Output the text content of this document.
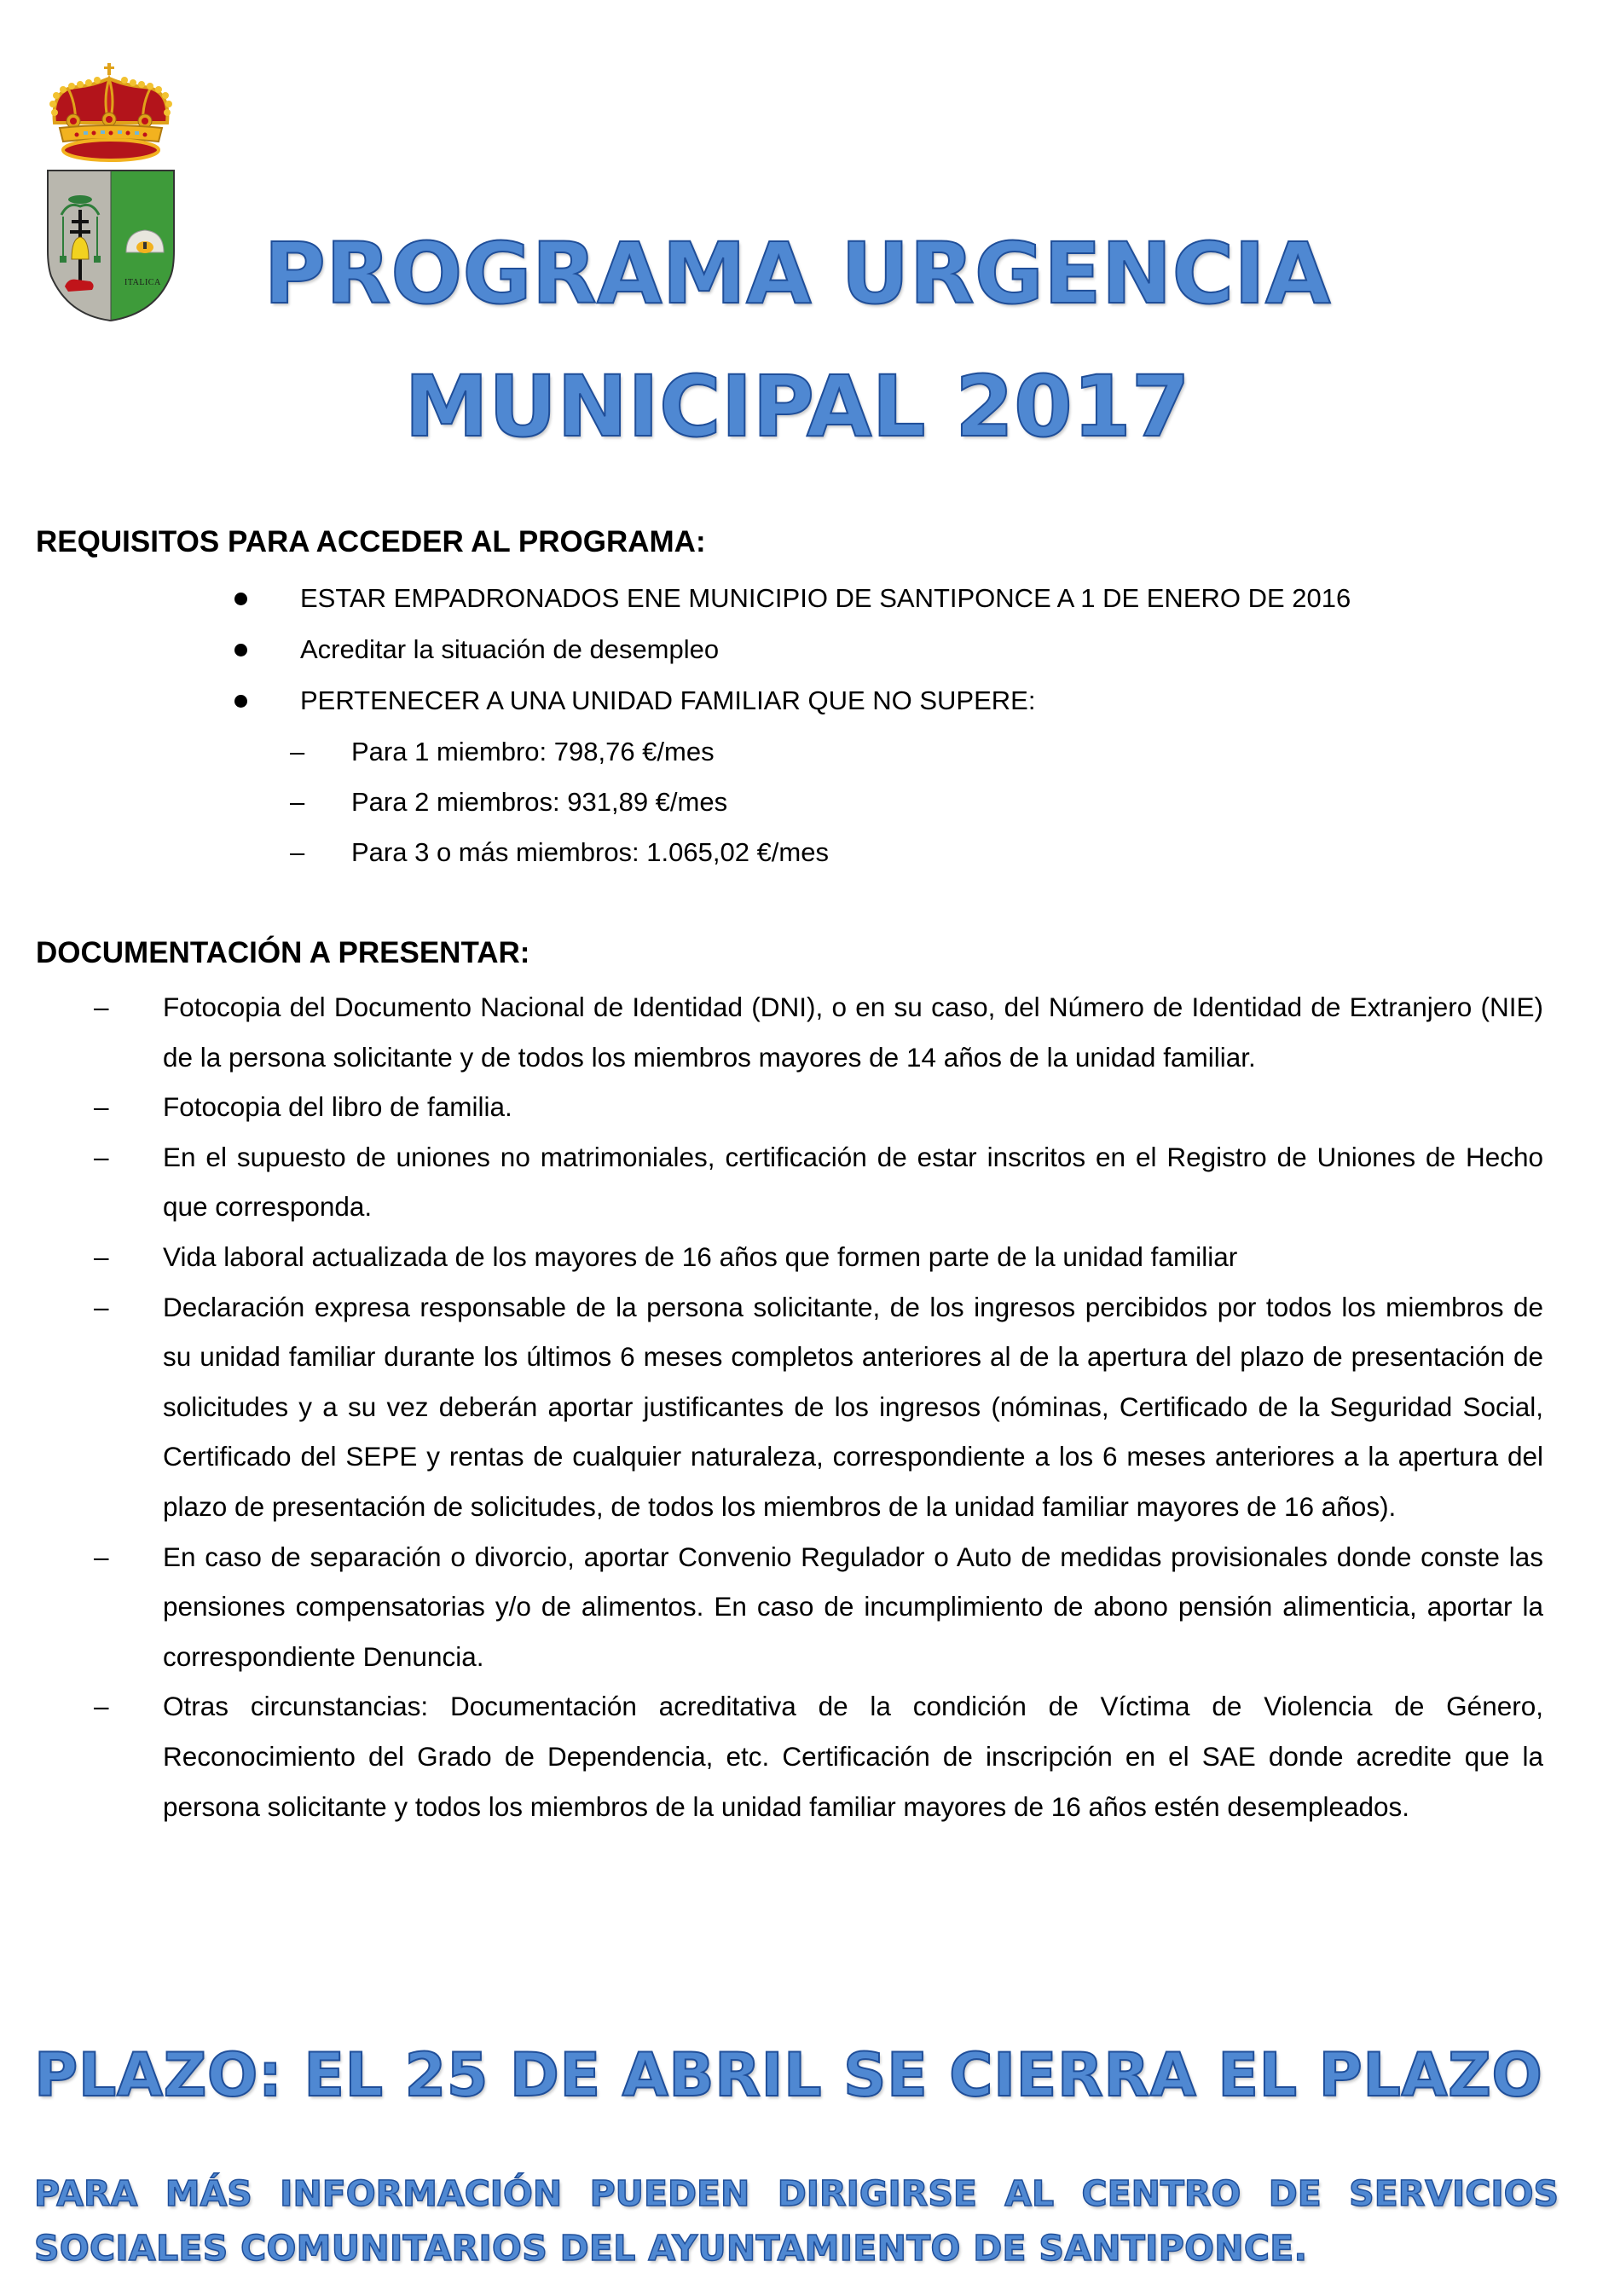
ITALICA	PROGRAMA URGENCIA
MUNICIPAL 2017
REQUISITOS PARA ACCEDER AL PROGRAMA:
ESTAR EMPADRONADOS ENE MUNICIPIO DE SANTIPONCE A 1 DE ENERO DE 2016
Acreditar la situación de desempleo
PERTENECER A UNA UNIDAD FAMILIAR QUE NO SUPERE:
– Para 1 miembro: 798,76 €/mes
– Para 2 miembros: 931,89 €/mes
– Para 3 o más miembros: 1.065,02 €/mes
DOCUMENTACIÓN A PRESENTAR:
– Fotocopia del Documento Nacional de Identidad (DNI), o en su caso, del Número de Identidad de Extranjero (NIE) de la persona solicitante y de todos los miembros mayores de 14 años de la unidad familiar.
– Fotocopia del libro de familia.
– En el supuesto de uniones no matrimoniales, certificación de estar inscritos en el Registro de Uniones de Hecho que corresponda.
– Vida laboral actualizada de los mayores de 16 años que formen parte de la unidad familiar
– Declaración expresa responsable de la persona solicitante, de los ingresos percibidos por todos los miembros de su unidad familiar durante los últimos 6 meses completos anteriores al de la apertura del plazo de presentación de solicitudes y a su vez deberán aportar justificantes de los ingresos (nóminas, Certificado de la Seguridad Social, Certificado del SEPE y rentas de cualquier naturaleza, correspondiente a los 6 meses anteriores a la apertura del plazo de presentación de solicitudes, de todos los miembros de la unidad familiar mayores de 16 años).
– En caso de separación o divorcio, aportar Convenio Regulador o Auto de medidas provisionales donde conste las pensiones compensatorias y/o de alimentos. En caso de incumplimiento de abono pensión alimenticia, aportar la correspondiente Denuncia.
– Otras circunstancias: Documentación acreditativa de la condición de Víctima de Violencia de Género, Reconocimiento del Grado de Dependencia, etc. Certificación de inscripción en el SAE donde acredite que la persona solicitante y todos los miembros de la unidad familiar mayores de 16 años estén desempleados.
PLAZO: EL 25 DE ABRIL SE CIERRA EL PLAZO
PARA MÁS INFORMACIÓN PUEDEN DIRIGIRSE AL CENTRO DE SERVICIOS
SOCIALES COMUNITARIOS DEL AYUNTAMIENTO DE SANTIPONCE.
